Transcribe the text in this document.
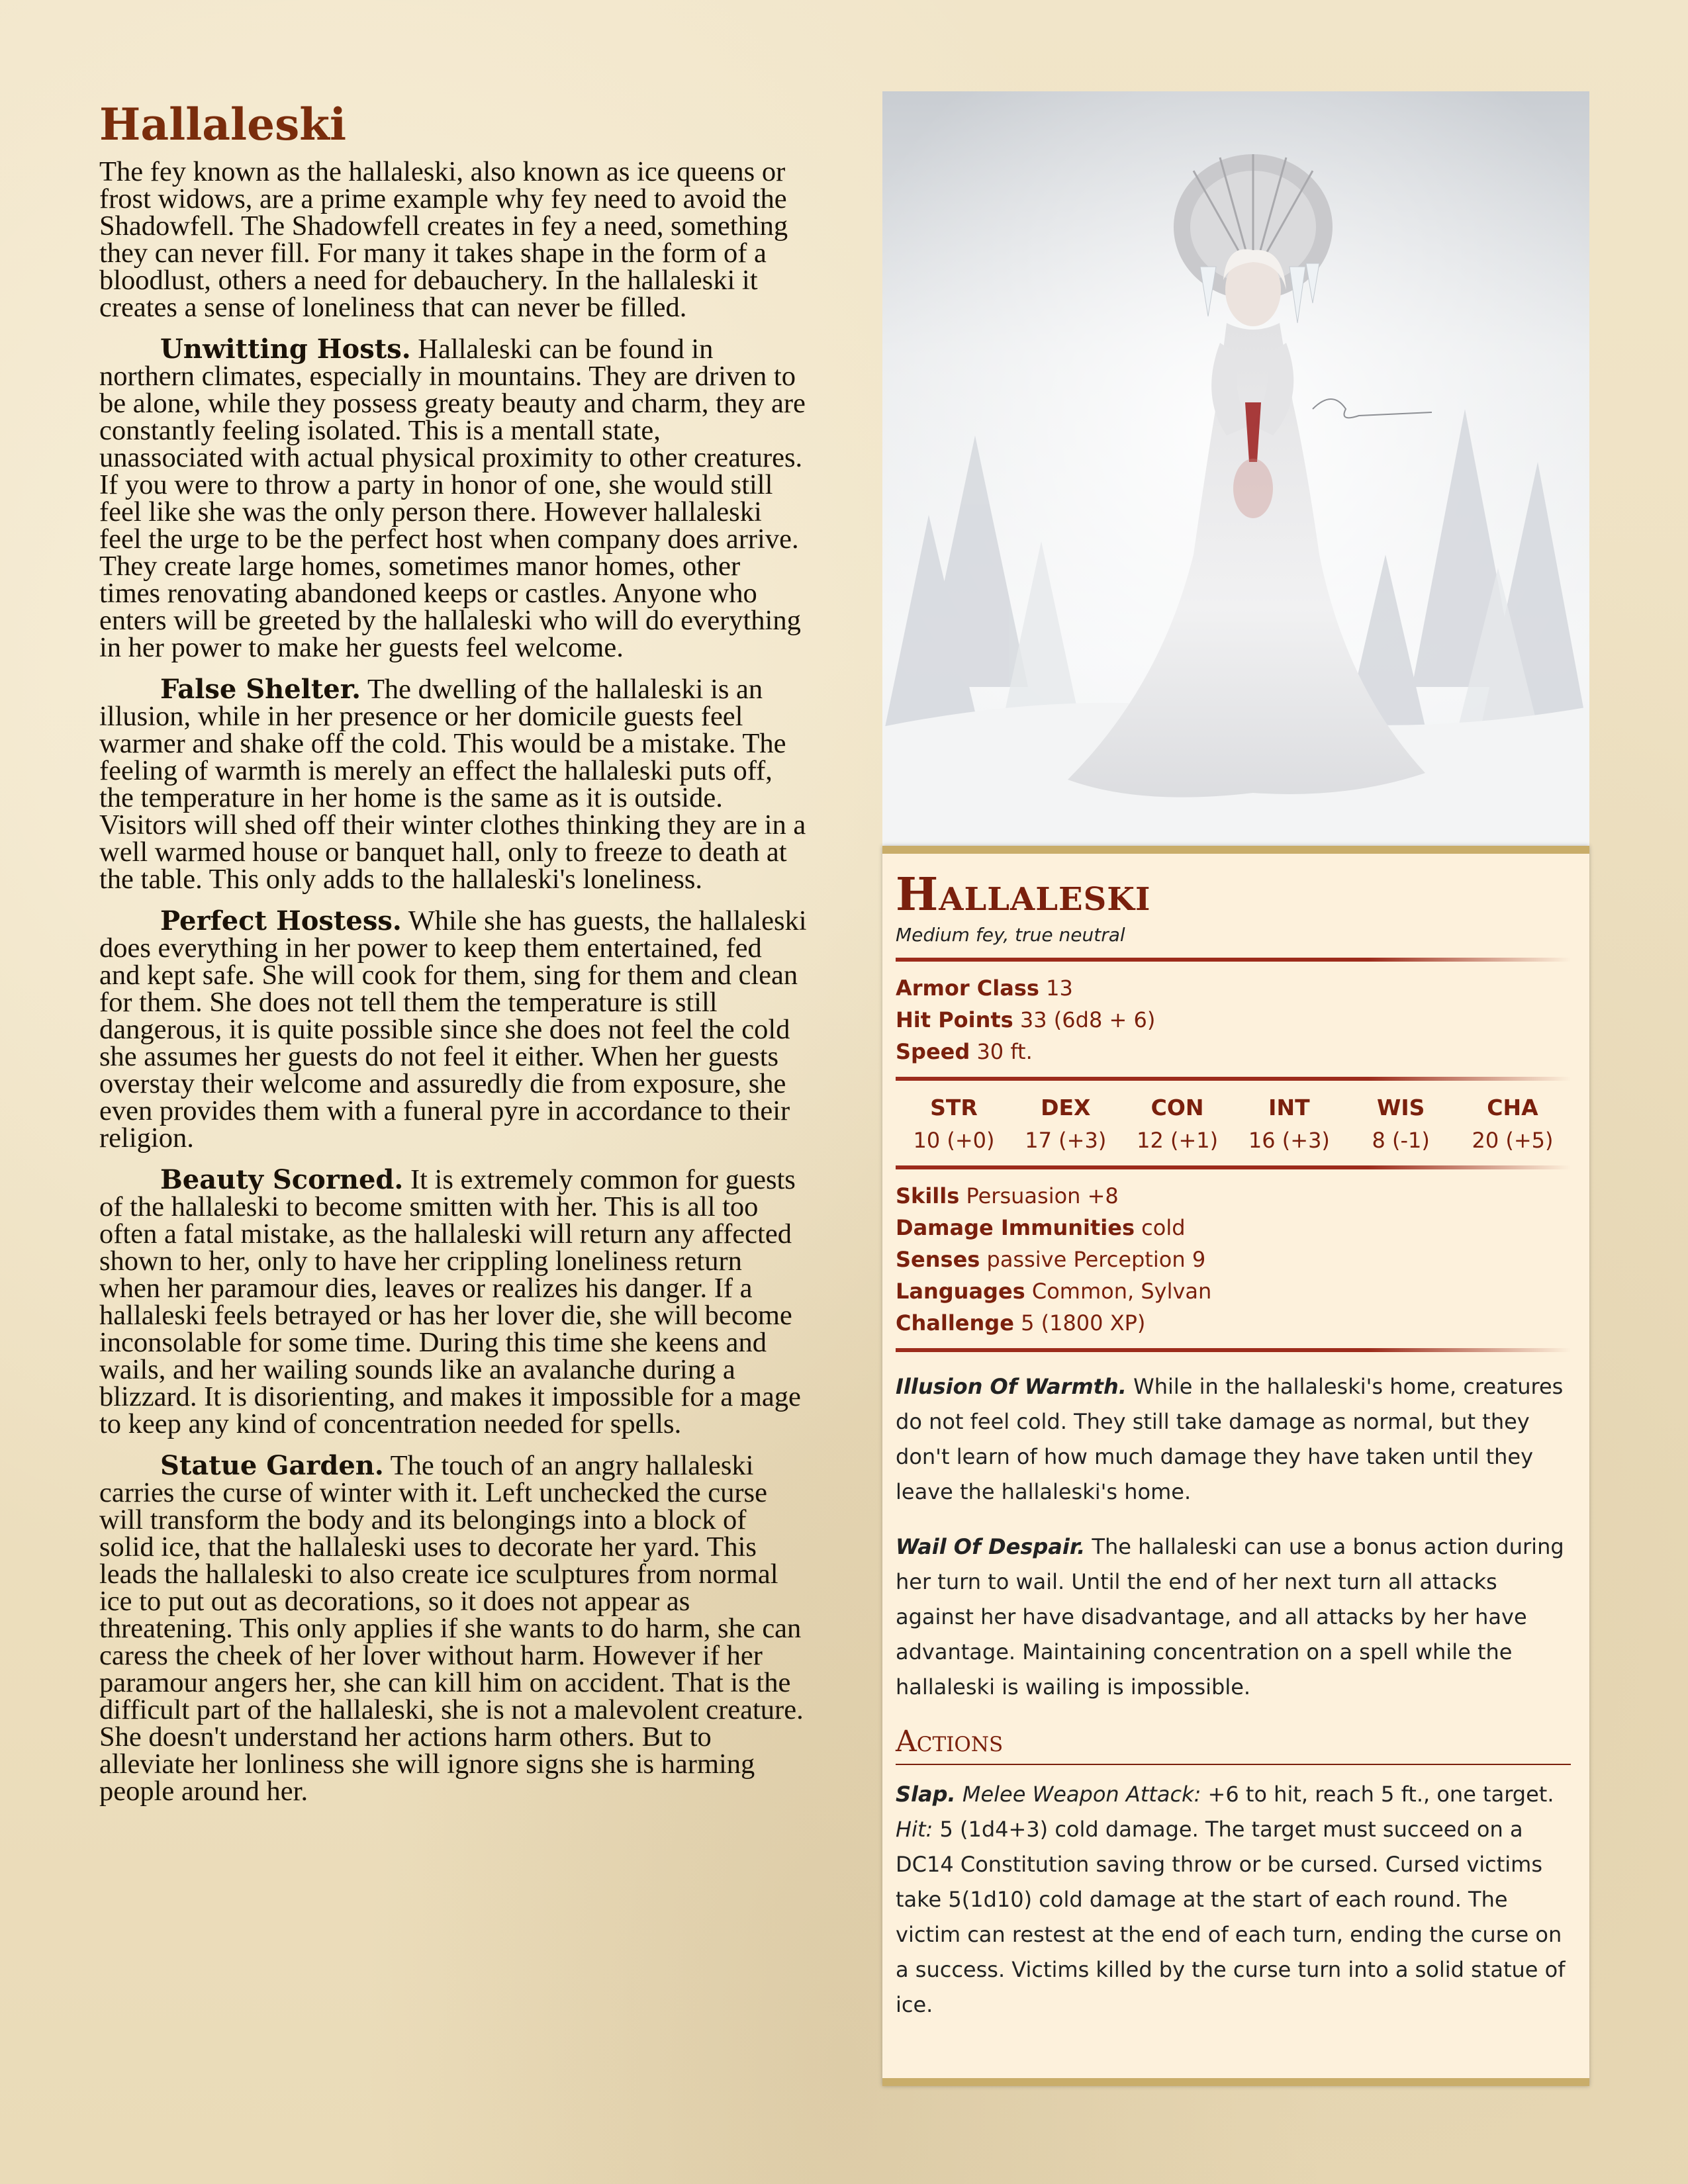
Hallaleski

The fey known as the hallaleski, also known as ice queens or frost widows, are a prime example why fey need to avoid the Shadowfell. The Shadowfell creates in fey a need, something they can never fill. For many it takes shape in the form of a bloodlust, others a need for debauchery. In the hallaleski it creates a sense of loneliness that can never be filled.

Unwitting Hosts. Hallaleski can be found in northern climates, especially in mountains. They are driven to be alone, while they possess greaty beauty and charm, they are constantly feeling isolated. This is a mentall state, unassociated with actual physical proximity to other creatures. If you were to throw a party in honor of one, she would still feel like she was the only person there. However hallaleski feel the urge to be the perfect host when company does arrive. They create large homes, sometimes manor homes, other times renovating abandoned keeps or castles. Anyone who enters will be greeted by the hallaleski who will do everything in her power to make her guests feel welcome.

False Shelter. The dwelling of the hallaleski is an illusion, while in her presence or her domicile guests feel warmer and shake off the cold. This would be a mistake. The feeling of warmth is merely an effect the hallaleski puts off, the temperature in her home is the same as it is outside. Visitors will shed off their winter clothes thinking they are in a well warmed house or banquet hall, only to freeze to death at the table. This only adds to the hallaleski's loneliness.

Perfect Hostess. While she has guests, the hallaleski does everything in her power to keep them entertained, fed and kept safe. She will cook for them, sing for them and clean for them. She does not tell them the temperature is still dangerous, it is quite possible since she does not feel the cold she assumes her guests do not feel it either. When her guests overstay their welcome and assuredly die from exposure, she even provides them with a funeral pyre in accordance to their religion.

Beauty Scorned. It is extremely common for guests of the hallaleski to become smitten with her. This is all too often a fatal mistake, as the hallaleski will return any affected shown to her, only to have her crippling loneliness return when her paramour dies, leaves or realizes his danger. If a hallaleski feels betrayed or has her lover die, she will become inconsolable for some time. During this time she keens and wails, and her wailing sounds like an avalanche during a blizzard. It is disorienting, and makes it impossible for a mage to keep any kind of concentration needed for spells.

Statue Garden. The touch of an angry hallaleski carries the curse of winter with it. Left unchecked the curse will transform the body and its belongings into a block of solid ice, that the hallaleski uses to decorate her yard. This leads the hallaleski to also create ice sculptures from normal ice to put out as decorations, so it does not appear as threatening. This only applies if she wants to do harm, she can caress the cheek of her lover without harm. However if her paramour angers her, she can kill him on accident. That is the difficult part of the hallaleski, she is not a malevolent creature. She doesn't understand her actions harm others. But to alleviate her lonliness she will ignore signs she is harming people around her.

Hallaleski
Medium fey, true neutral
Armor Class 13
Hit Points 33 (6d8 + 6)
Speed 30 ft.
STR
10 (+0)
DEX
17 (+3)
CON
12 (+1)
INT
16 (+3)
WIS
8 (-1)
CHA
20 (+5)
Skills Persuasion +8
Damage Immunities cold
Senses passive Perception 9
Languages Common, Sylvan
Challenge 5 (1800 XP)

Illusion Of Warmth. While in the hallaleski's home, creatures do not feel cold. They still take damage as normal, but they don't learn of how much damage they have taken until they leave the hallaleski's home.

Wail Of Despair. The hallaleski can use a bonus action during her turn to wail. Until the end of her next turn all attacks against her have disadvantage, and all attacks by her have advantage. Maintaining concentration on a spell while the hallaleski is wailing is impossible.

Actions

Slap. Melee Weapon Attack: +6 to hit, reach 5 ft., one target. Hit: 5 (1d4+3) cold damage. The target must succeed on a DC14 Constitution saving throw or be cursed. Cursed victims take 5(1d10) cold damage at the start of each round. The victim can restest at the end of each turn, ending the curse on a success. Victims killed by the curse turn into a solid statue of ice.
